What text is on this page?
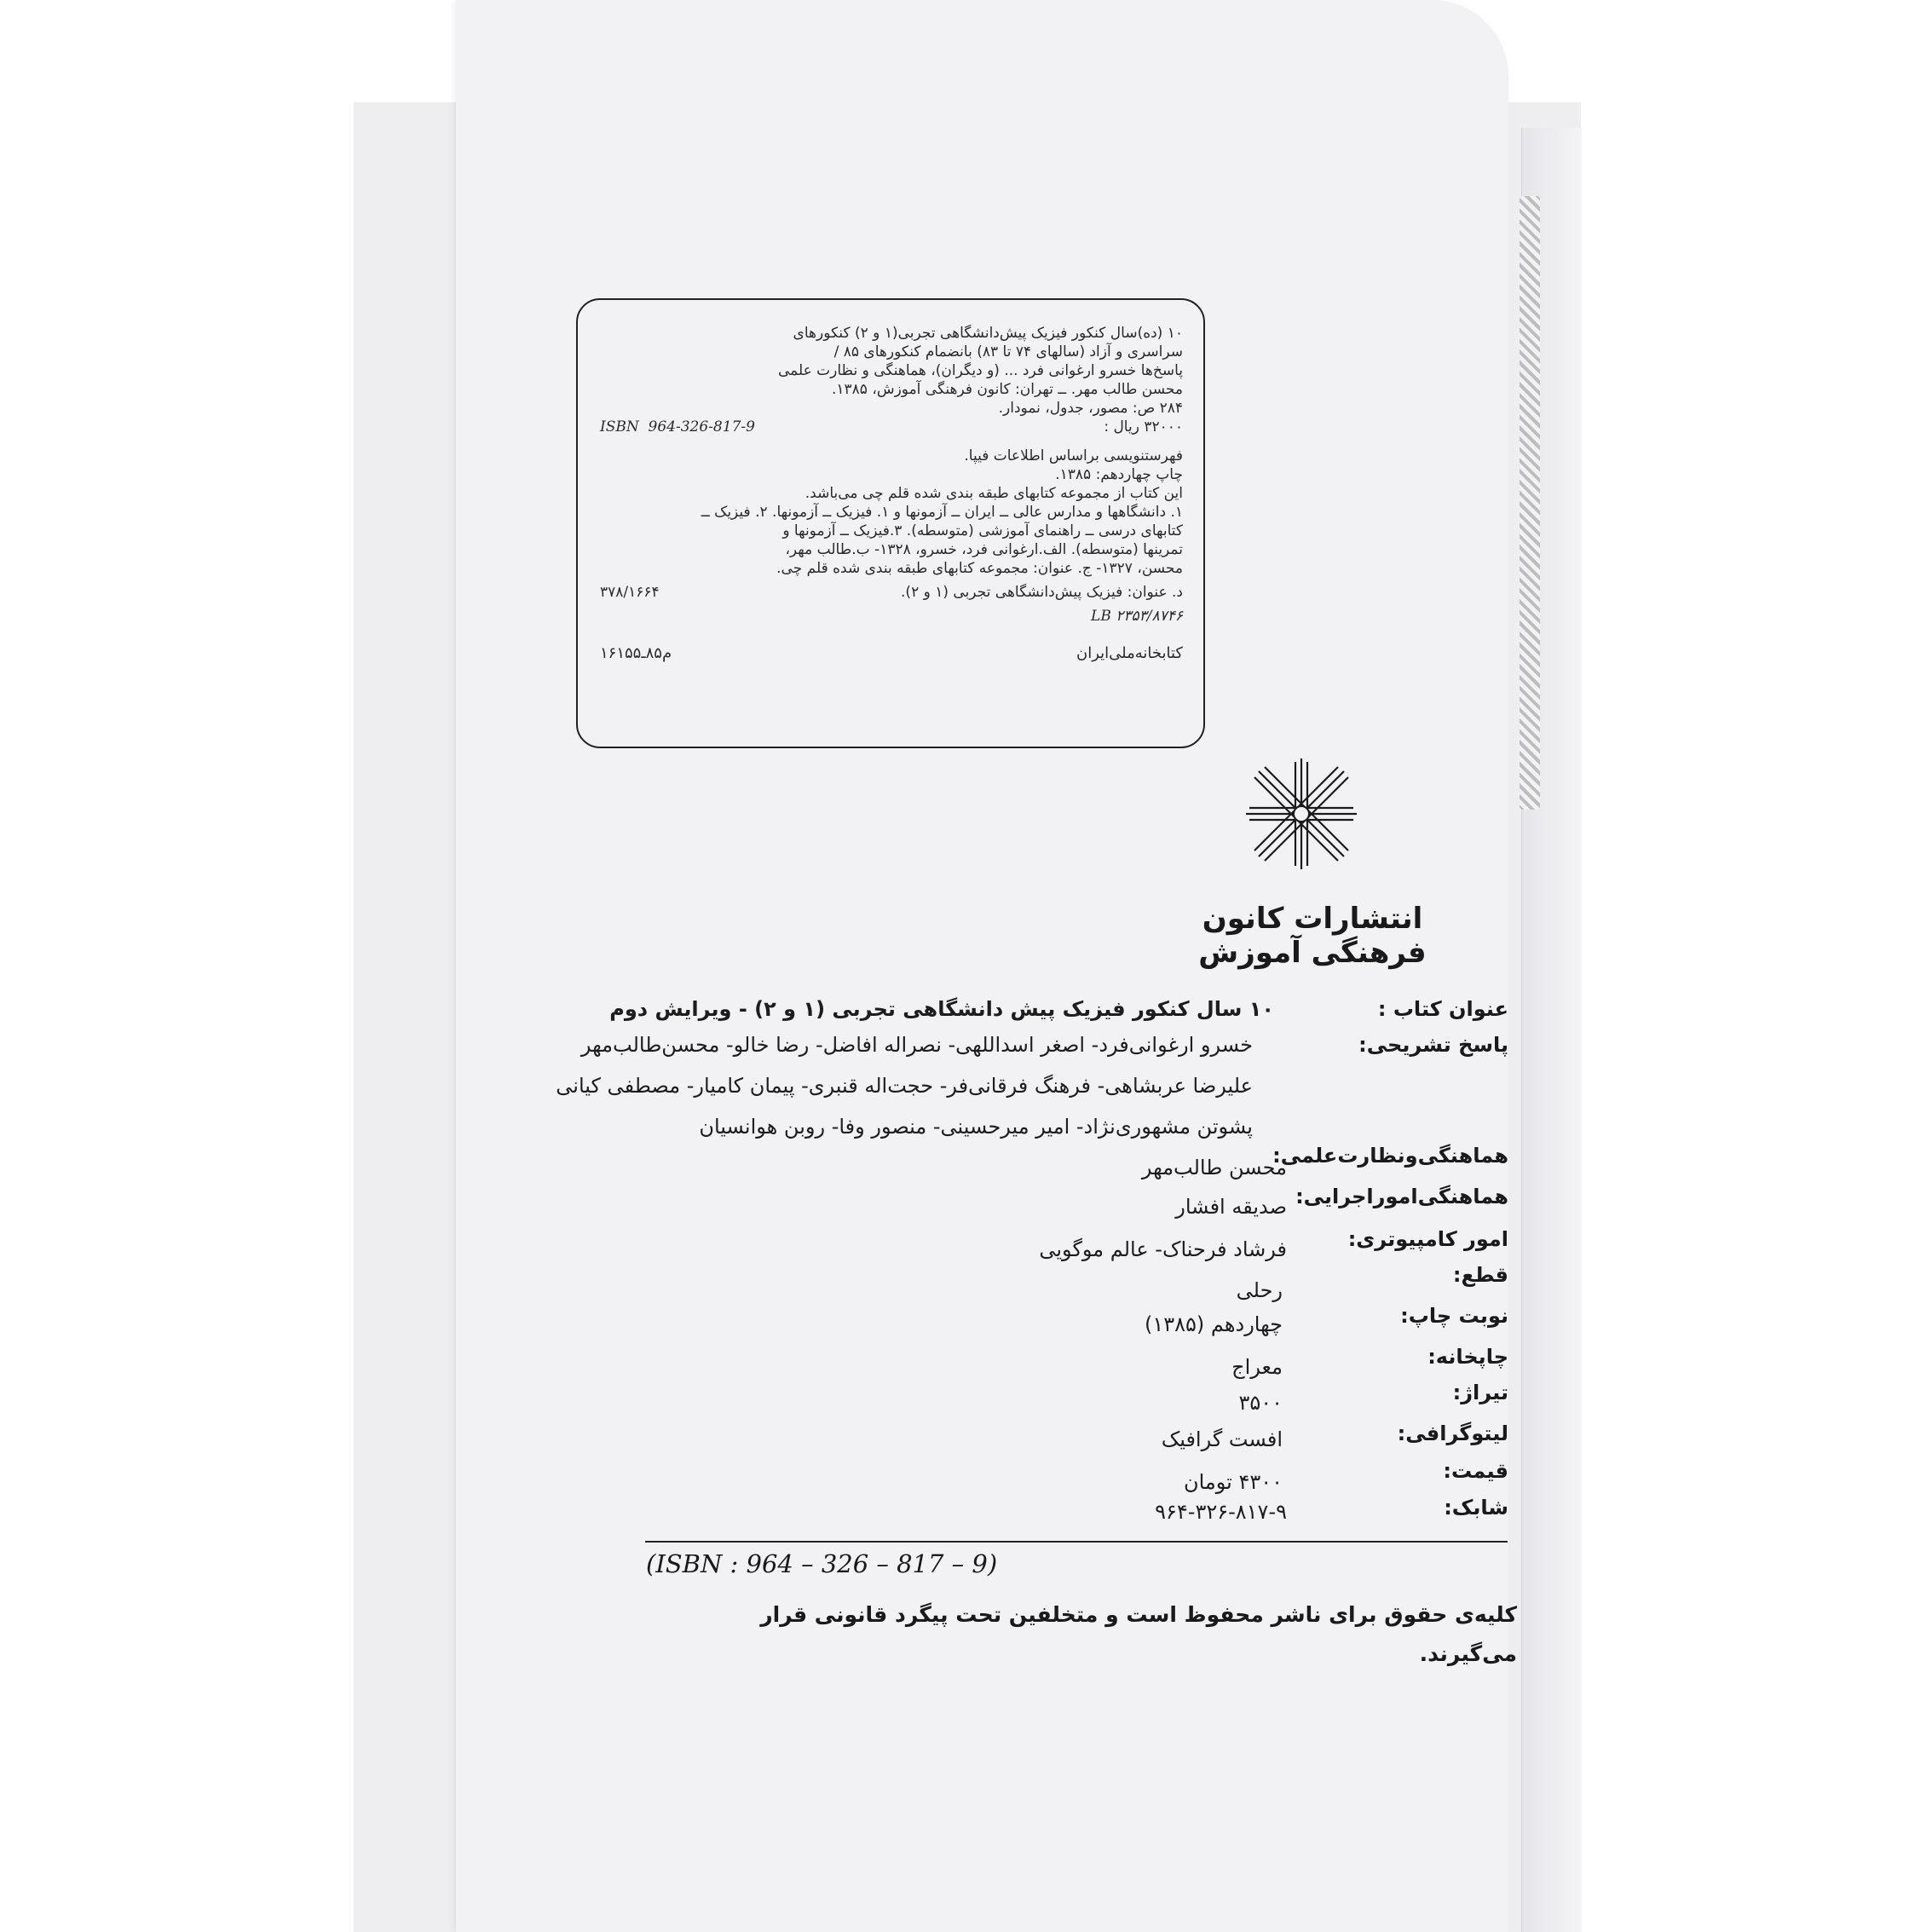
۱۰ (ده)سال کنکور فیزیک پیش‌دانشگاهی تجربی(۱ و ۲) کنکورهای

سراسری و آزاد (سالهای ۷۴ تا ۸۳) بانضمام کنکورهای ۸۵ /

پاسخ‌ها خسرو ارغوانی فرد ... (و دیگران)، هماهنگی و نظارت علمی

محسن طالب مهر. ــ تهران: کانون فرهنگی آموزش، ۱۳۸۵.

۲۸۴ ص: مصور، جدول، نمودار.

۳۲۰۰۰ ریال :
ISBN 964-326-817-9

فهرستنویسی براساس اطلاعات فیپا.

چاپ چهاردهم: ۱۳۸۵.

این کتاب از مجموعه کتابهای طبقه بندی شده قلم چی می‌باشد.

۱. دانشگاهها و مدارس عالی ــ ایران ــ آزمونها و ۱. فیزیک ــ آزمونها. ۲. فیزیک ــ

کتابهای درسی ــ راهنمای آموزشی (متوسطه). ۳.فیزیک ــ آزمونها و

تمرینها (متوسطه). الف.ارغوانی فرد، خسرو، ۱۳۲۸- ب.طالب مهر،

محسن، ۱۳۲۷- ج. عنوان: مجموعه کتابهای طبقه بندی شده قلم چی.

د. عنوان: فیزیک پیش‌دانشگاهی تجربی (۱ و ۲).
۳۷۸/۱۶۶۴
LB ۲۳۵۳/۸۷۴۶
کتابخانه‌ملی‌ایران
م۸۵ـ۱۶۱۵۵
انتشارات کانون فرهنگی آموزش
عنوان کتاب :
۱۰ سال کنکور فیزیک پیش دانشگاهی تجربی (۱ و ۲) - ویرایش دوم
پاسخ تشریحی:
خسرو ارغوانی‌فرد- اصغر اسداللهی- نصراله افاضل- رضا خالو- محسن‌طالب‌مهر
علیرضا عربشاهی- فرهنگ فرقانی‌فر- حجت‌اله قنبری- پیمان کامیار- مصطفی کیانی
پشوتن مشهوری‌نژاد- امیر میرحسینی- منصور وفا- روبن هوانسیان
هماهنگی‌ونظارت‌علمی:
محسن طالب‌مهر
هماهنگی‌اموراجرایی:
صدیقه افشار
امور کامپیوتری:
فرشاد فرحناک- عالم موگویی
قطع:
رحلی
نوبت چاپ:
چهاردهم (۱۳۸۵)
چاپخانه:
معراج
تیراژ:
۳۵۰۰
لیتوگرافی:
افست گرافیک
قیمت:
۴۳۰۰ تومان
شابک:
۹۶۴-۳۲۶-۸۱۷-۹
(ISBN : 964 – 326 – 817 – 9)
کلیه‌ی حقوق برای ناشر محفوظ است و متخلفین تحت پیگرد قانونی قرار می‌گیرند.
